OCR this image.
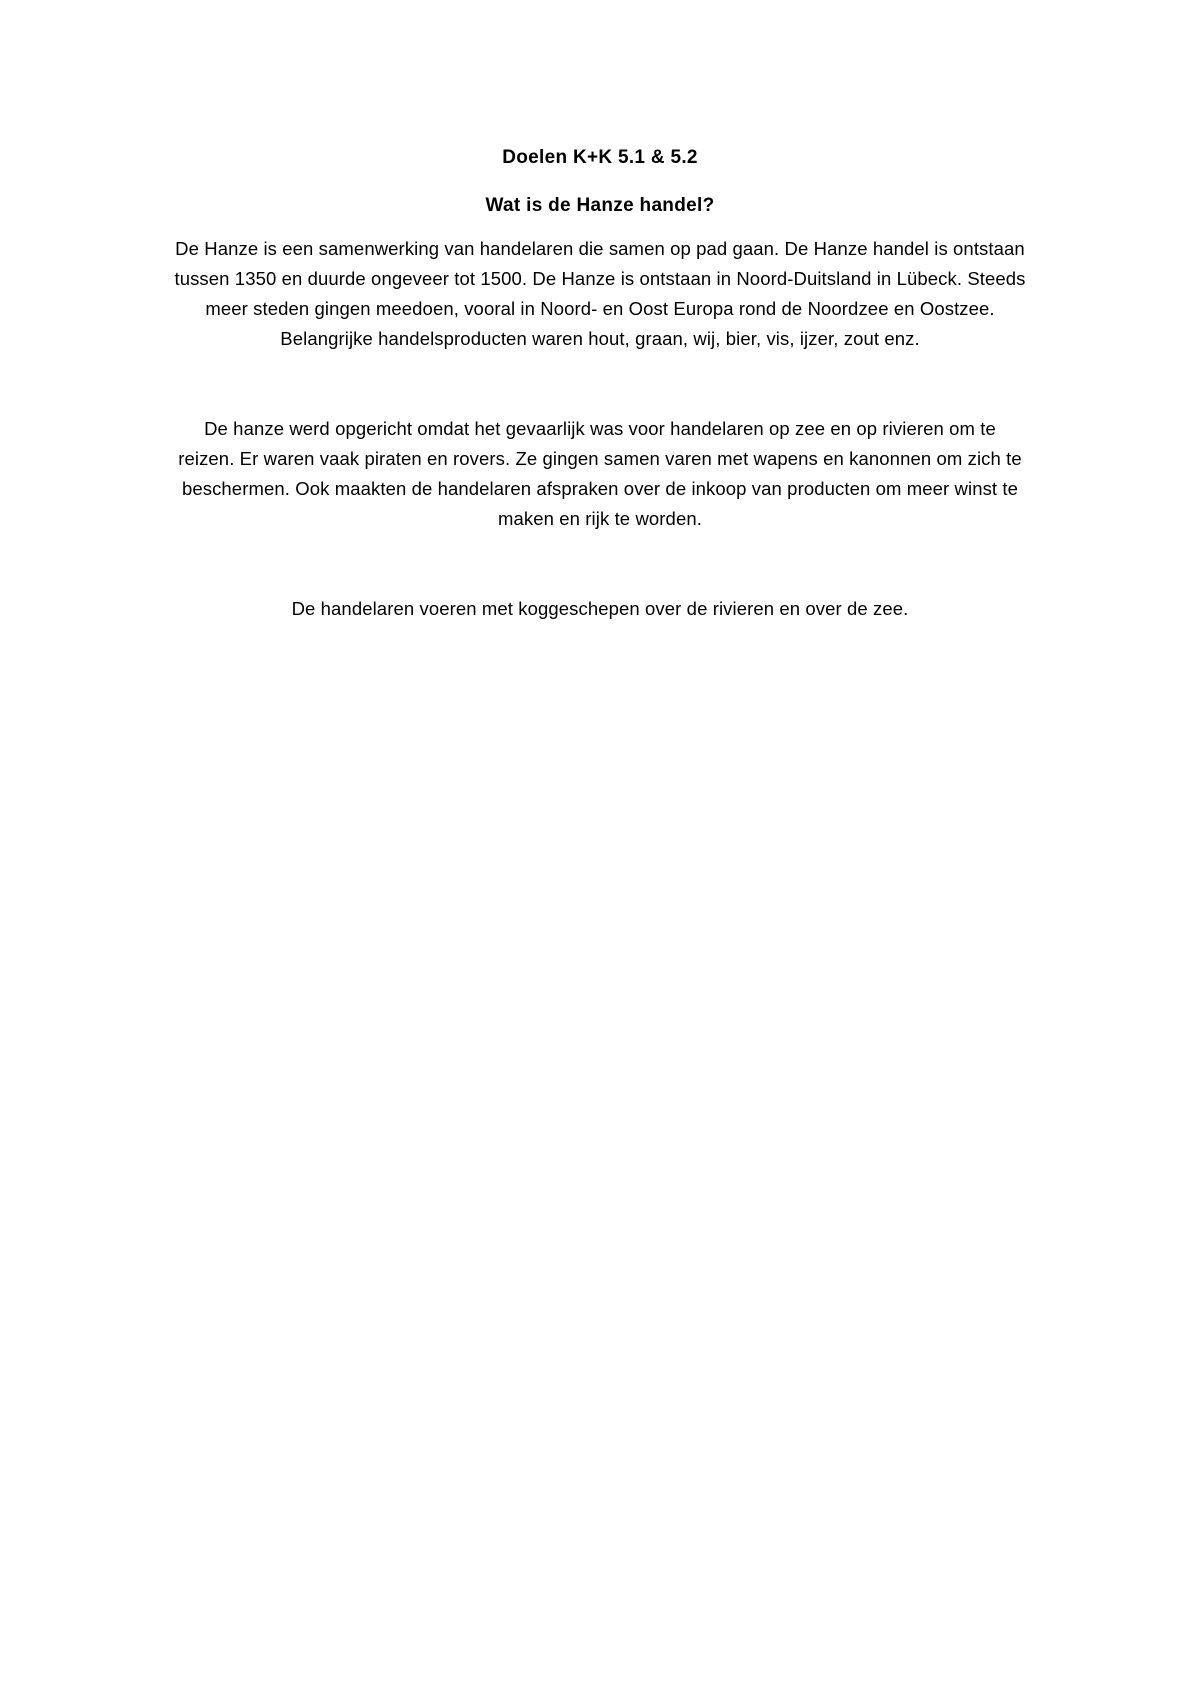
Doelen K+K 5.1 & 5.2
Wat is de Hanze handel?

De Hanze is een samenwerking van handelaren die samen op pad gaan. De Hanze handel is ontstaan
tussen 1350 en duurde ongeveer tot 1500. De Hanze is ontstaan in Noord-Duitsland in Lübeck. Steeds
meer steden gingen meedoen, vooral in Noord- en Oost Europa rond de Noordzee en Oostzee.
Belangrijke handelsproducten waren hout, graan, wij, bier, vis, ijzer, zout enz.

De hanze werd opgericht omdat het gevaarlijk was voor handelaren op zee en op rivieren om te
reizen. Er waren vaak piraten en rovers. Ze gingen samen varen met wapens en kanonnen om zich te
beschermen. Ook maakten de handelaren afspraken over de inkoop van producten om meer winst te
maken en rijk te worden.

De handelaren voeren met koggeschepen over de rivieren en over de zee.
